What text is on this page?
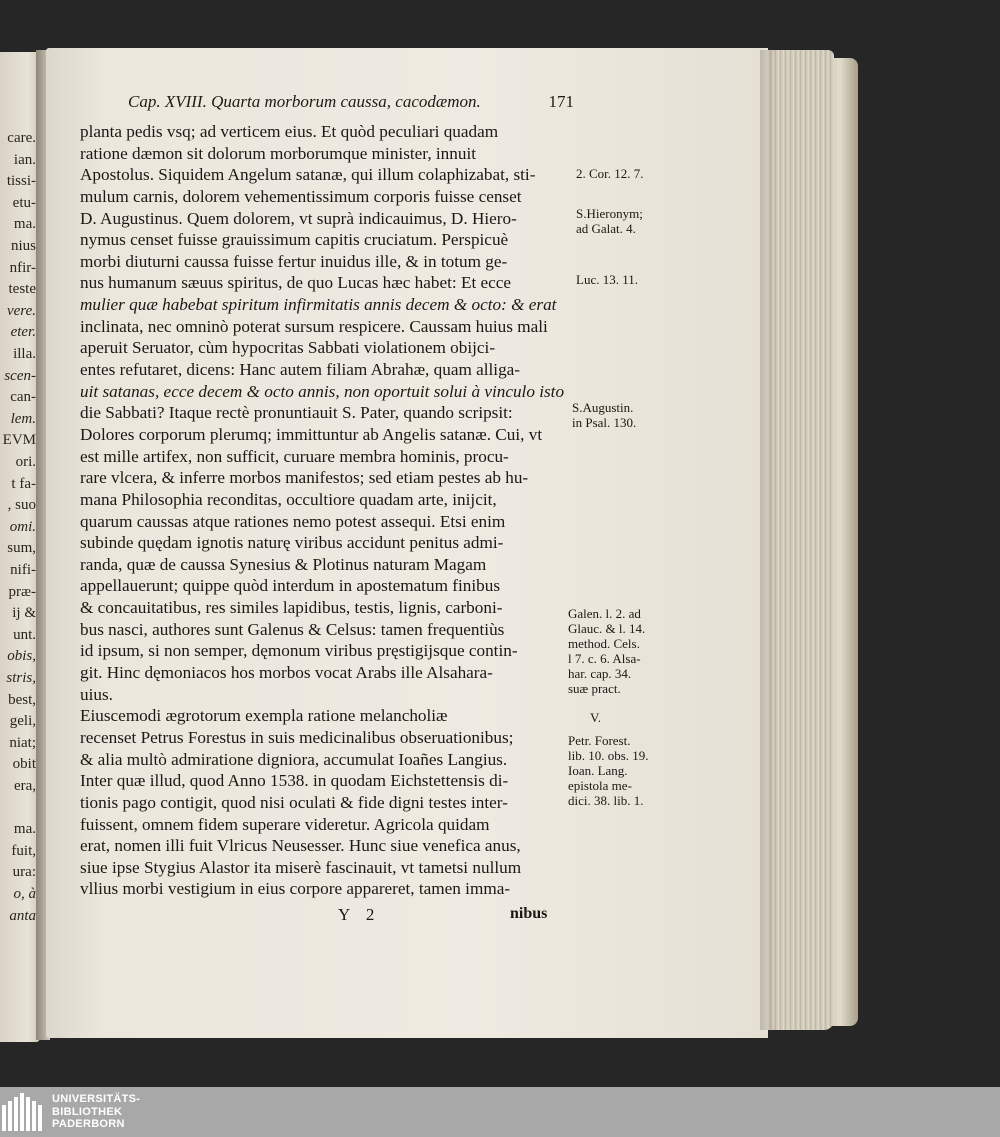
care.
ian.
tissi-
etu-
ma.
nius
nfir-
teste
vere.
eter.
illa.
scen-
can-
lem.
EVM
ori.
t fa-
, suo
omi.
sum,
nifi-
præ-
ij &
unt.
obis,
stris,
best,
geli,
niat;
obit
era,
ma.
fuit,
ura:
o, à
anta
Cap. XVIII. Quarta morborum caussa, cacodæmon.	171
planta pedis vsq; ad verticem eius. Et quòd peculiari quadam
ratione dæmon sit dolorum morborumque minister, innuit
Apostolus. Siquidem Angelum satanæ, qui illum colaphizabat, sti-
mulum carnis, dolorem vehementissimum corporis fuisse censet
D. Augustinus. Quem dolorem, vt suprà indicauimus, D. Hiero-
nymus censet fuisse grauissimum capitis cruciatum. Perspicuè
morbi diuturni caussa fuisse fertur inuidus ille, & in totum ge-
nus humanum sæuus spiritus, de quo Lucas hæc habet: Et ecce
mulier quæ habebat spiritum infirmitatis annis decem & octo: & erat
inclinata, nec omninò poterat sursum respicere. Caussam huius mali
aperuit Seruator, cùm hypocritas Sabbati violationem obijci-
entes refutaret, dicens: Hanc autem filiam Abrahæ, quam alliga-
uit satanas, ecce decem & octo annis, non oportuit solui à vinculo isto
die Sabbati? Itaque rectè pronuntiauit S. Pater, quando scripsit:
Dolores corporum plerumq; immittuntur ab Angelis satanæ. Cui, vt
est mille artifex, non sufficit, curuare membra hominis, procu-
rare vlcera, & inferre morbos manifestos; sed etiam pestes ab hu-
mana Philosophia reconditas, occultiore quadam arte, inijcit,
quarum caussas atque rationes nemo potest assequi. Etsi enim
subinde quędam ignotis naturę viribus accidunt penitus admi-
randa, quæ de caussa Synesius & Plotinus naturam Magam
appellauerunt; quippe quòd interdum in apostematum finibus
& concauitatibus, res similes lapidibus, testis, lignis, carboni-
bus nasci, authores sunt Galenus & Celsus: tamen frequentiùs
id ipsum, si non semper, dęmonum viribus pręstigijsque contin-
git. Hinc dęmoniacos hos morbos vocat Arabs ille Alsaharа-
uius.
Eiuscemodi ægrotorum exempla ratione melancholiæ
recenset Petrus Forestus in suis medicinalibus obseruationibus;
& alia multò admiratione digniora, accumulat Ioañes Langius.
Inter quæ illud, quod Anno 1538. in quodam Eichstettensis di-
tionis pago contigit, quod nisi oculati & fide digni testes inter-
fuissent, omnem fidem superare videretur. Agricola quidam
erat, nomen illi fuit Vlricus Neusesser. Hunc siue venefica anus,
siue ipse Stygius Alastor ita miserè fascinauit, vt tametsi nullum
vllius morbi vestigium in eius corpore appareret, tamen imma-
2. Cor. 12. 7.
S.Hieronym;
ad Galat. 4.
Luc. 13. 11.
S.Augustin.
in Psal. 130.
Galen. l. 2. ad
Glauc. & l. 14.
method. Cels.
l 7. c. 6. Alsa-
har. cap. 34.
suæ pract.
V.
Petr. Forest.
lib. 10. obs. 19.
Ioan. Lang.
epistola me-
dici. 38. lib. 1.
Y 2	nibus
UNIVERSITÄTS-
BIBLIOTHEK
PADERBORN
